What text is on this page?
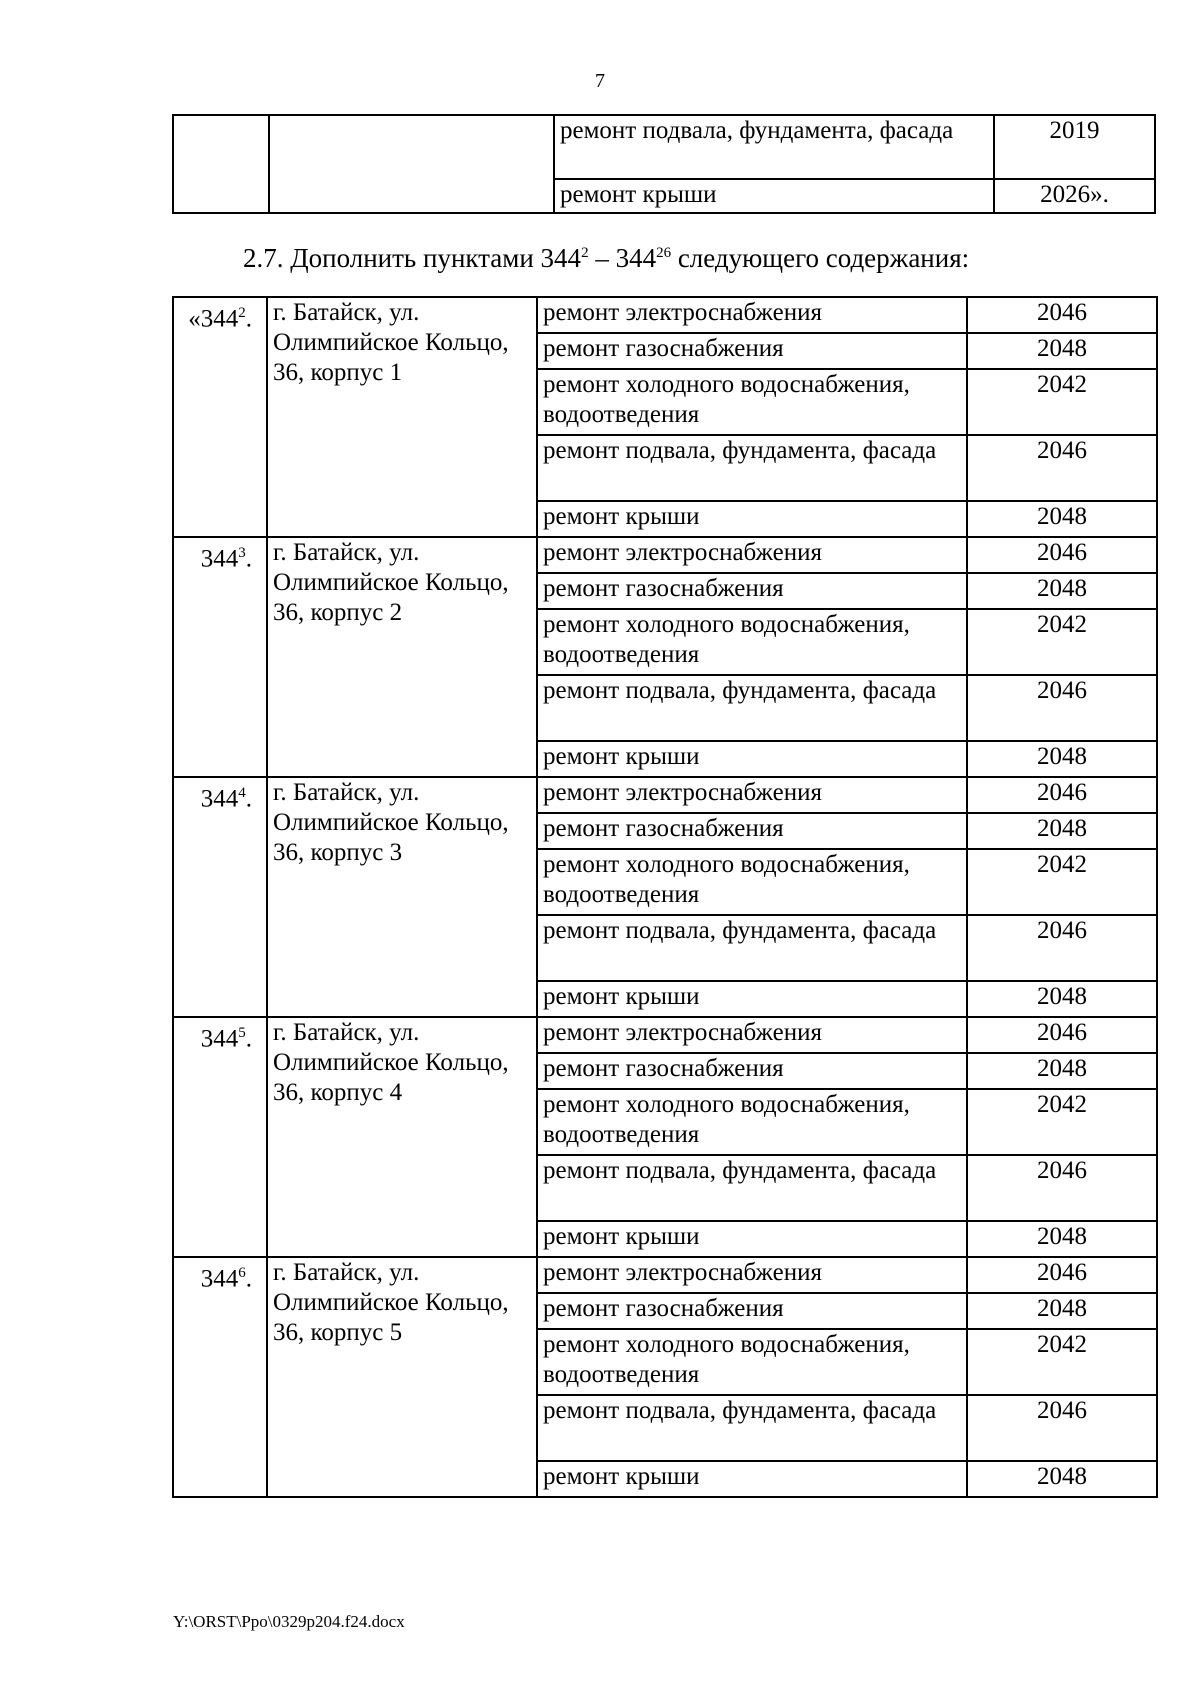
7
		ремонт подвала, фундамента, фасада	2019
		ремонт крыши	2026».
2.7. Дополнить пунктами $344^2 - 344^{26}$ следующего содержания:
«$344^2$.	г. Батайск, ул. Олимпийское Кольцо, 36, корпус 1	ремонт электроснабжения	2046
		ремонт газоснабжения	2048
		ремонт холодного водоснабжения, водоотведения	2042
		ремонт подвала, фундамента, фасада	2046
		ремонт крыши	2048
$344^3$.	г. Батайск, ул. Олимпийское Кольцо, 36, корпус 2	ремонт электроснабжения	2046
		ремонт газоснабжения	2048
		ремонт холодного водоснабжения, водоотведения	2042
		ремонт подвала, фундамента, фасада	2046
		ремонт крыши	2048
$344^4$.	г. Батайск, ул. Олимпийское Кольцо, 36, корпус 3	ремонт электроснабжения	2046
		ремонт газоснабжения	2048
		ремонт холодного водоснабжения, водоотведения	2042
		ремонт подвала, фундамента, фасада	2046
		ремонт крыши	2048
$344^5$.	г. Батайск, ул. Олимпийское Кольцо, 36, корпус 4	ремонт электроснабжения	2046
		ремонт газоснабжения	2048
		ремонт холодного водоснабжения, водоотведения	2042
		ремонт подвала, фундамента, фасада	2046
		ремонт крыши	2048
$344^6$.	г. Батайск, ул. Олимпийское Кольцо, 36, корпус 5	ремонт электроснабжения	2046
		ремонт газоснабжения	2048
		ремонт холодного водоснабжения, водоотведения	2042
		ремонт подвала, фундамента, фасада	2046
		ремонт крыши	2048
Y:\ORST\Ppo\0329p204.f24.docx
